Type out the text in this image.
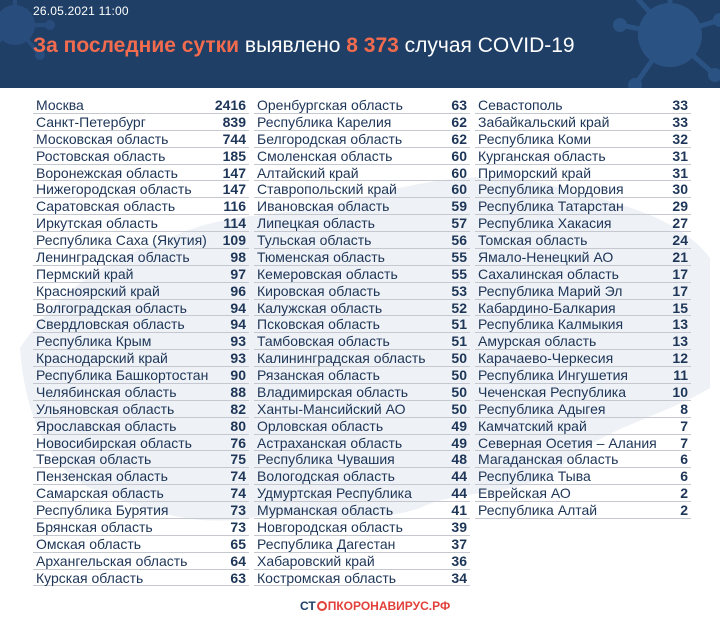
26.05.2021 11:00
За последние сутки выявлено 8 373 случая COVID-19
Москва	2416
Санкт-Петербург	839
Московская область	744
Ростовская область	185
Воронежская область	147
Нижегородская область 147
Саратовская область	116
Иркутская область	114
Республика Саха (Якутия) 109
Ленинградская область	98
Пермский край	97
Красноярский край	96
Волгоградская область	94
Свердловская область	94
Республика Крым	93
Краснодарский край	93
Республика Башкортостан 90
Челябинская область	88
Ульяновская область	82
Ярославская область	80
Новосибирская область	76
Тверская область	75
Пензенская область	74
Самарская область	74
Республика Бурятия	73
Брянская область	73
Омская область	65
Архангельская область	64
Курская область	63
Оренбургская область	63
Республика Карелия	62
Белгородская область	62
Смоленская область	60
Алтайский край	60
Ставропольский край	60
Ивановская область	59
Липецкая область	57
Тульская область	56
Тюменская область	55
Кемеровская область	55
Кировская область	53
Калужская область	52
Псковская область	51
Тамбовская область	51
Калининградская область 50
Рязанская область	50
Владимирская область	50
Ханты-Мансийский АО	50
Орловская область	49
Астраханская область	49
Республика Чувашия	48
Вологодская область	44
Удмуртская Республика	44
Мурманская область	41
Новгородская область	39
Республика Дагестан	37
Хабаровский край	36
Костромская область	34
Севастополь	33
Забайкальский край	33
Республика Коми	32
Курганская область	31
Приморский край	31
Республика Мордовия	30
Республика Татарстан	29
Республика Хакасия	27
Томская область	24
Ямало-Ненецкий АО	21
Сахалинская область	17
Республика Марий Эл	17
Кабардино-Балкария	15
Республика Калмыкия	13
Амурская область	13
Карачаево-Черкесия	12
Республика Ингушетия	11
Чеченская Республика	10
Республика Адыгея	8
Камчатский край	7
Северная Осетия – Алания 7
Магаданская область	6
Республика Тыва	6
Еврейская АО	2
Республика Алтай	2
СТ ПКОРОНАВИРУС.РФ
